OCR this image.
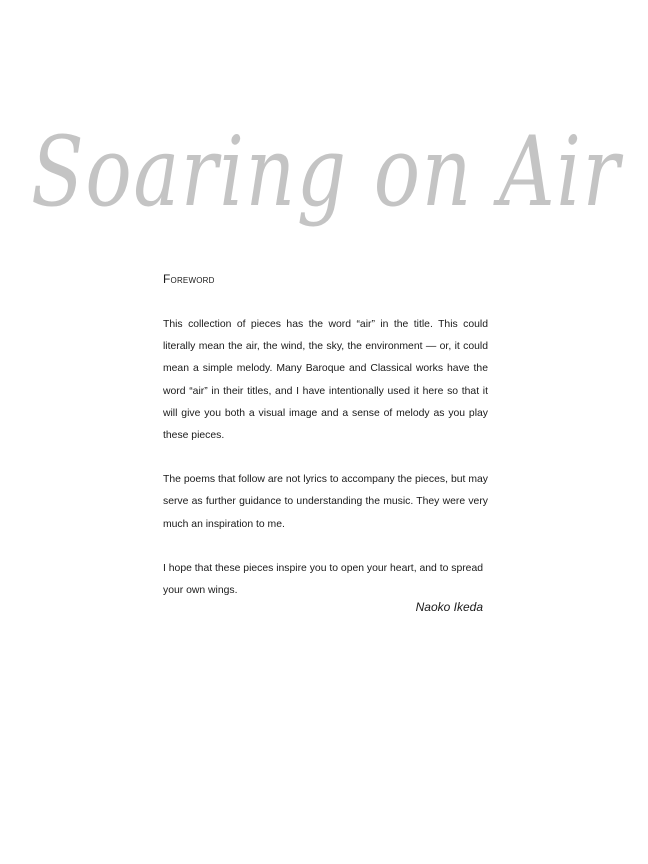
Soaring on Air
Foreword

This collection of pieces has the word “air” in the title. This could literally mean the air, the wind, the sky, the environment — or, it could mean a simple melody. Many Baroque and Classical works have the word “air” in their titles, and I have intentionally used it here so that it will give you both a visual image and a sense of melody as you play these pieces.

The poems that follow are not lyrics to accompany the pieces, but may serve as further guidance to understanding the music. They were very much an inspiration to me.

I hope that these pieces inspire you to open your heart, and to spread your own wings.

Naoko Ikeda
